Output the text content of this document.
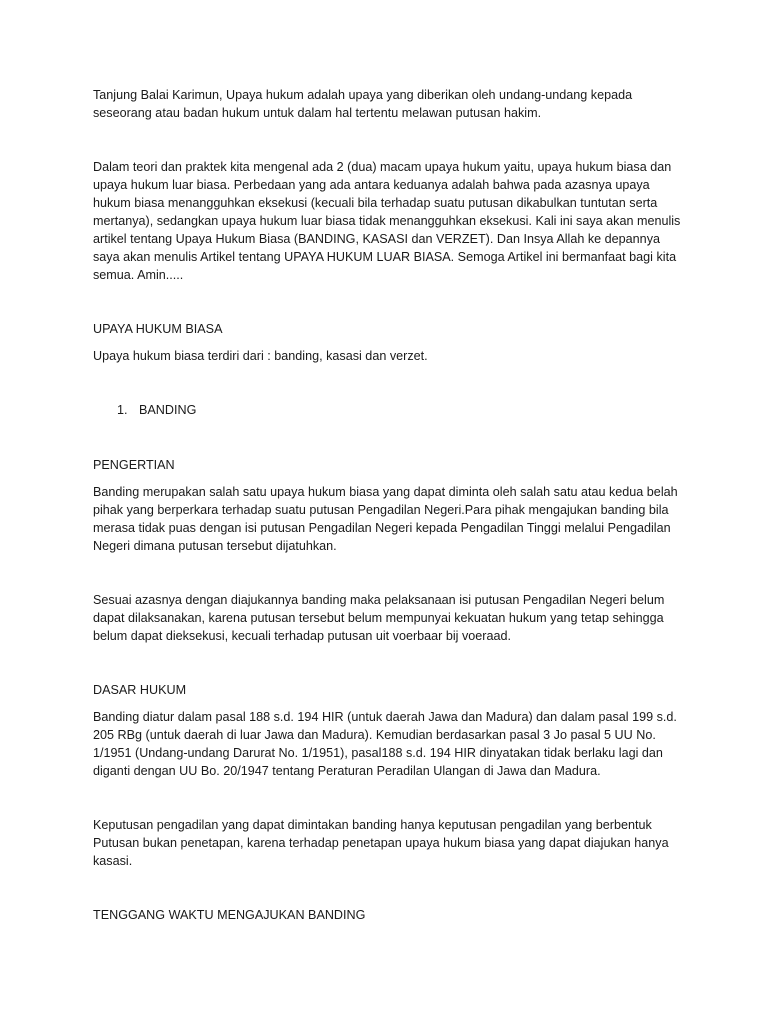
Tanjung Balai Karimun, Upaya hukum adalah upaya yang diberikan oleh undang-undang kepada seseorang atau badan hukum untuk dalam hal tertentu melawan putusan hakim.

Dalam teori dan praktek kita mengenal ada 2 (dua) macam upaya hukum yaitu, upaya hukum biasa dan upaya hukum luar biasa. Perbedaan yang ada antara keduanya adalah bahwa pada azasnya upaya hukum biasa menangguhkan eksekusi (kecuali bila terhadap suatu putusan dikabulkan tuntutan serta mertanya), sedangkan upaya hukum luar biasa tidak menangguhkan eksekusi. Kali ini saya akan menulis artikel tentang Upaya Hukum Biasa (BANDING, KASASI dan VERZET). Dan Insya Allah ke depannya saya akan menulis Artikel tentang UPAYA HUKUM LUAR BIASA. Semoga Artikel ini bermanfaat bagi kita semua. Amin.....

UPAYA HUKUM BIASA

Upaya hukum biasa terdiri dari : banding, kasasi dan verzet.

1. BANDING

PENGERTIAN

Banding merupakan salah satu upaya hukum biasa yang dapat diminta oleh salah satu atau kedua belah pihak yang berperkara terhadap suatu putusan Pengadilan Negeri.Para pihak mengajukan banding bila merasa tidak puas dengan isi putusan Pengadilan Negeri kepada Pengadilan Tinggi melalui Pengadilan Negeri dimana putusan tersebut dijatuhkan.

Sesuai azasnya dengan diajukannya banding maka pelaksanaan isi putusan Pengadilan Negeri belum dapat dilaksanakan, karena putusan tersebut belum mempunyai kekuatan hukum yang tetap sehingga belum dapat dieksekusi, kecuali terhadap putusan uit voerbaar bij voeraad.

DASAR HUKUM

Banding diatur dalam pasal 188 s.d. 194 HIR (untuk daerah Jawa dan Madura) dan dalam pasal 199 s.d. 205 RBg (untuk daerah di luar Jawa dan Madura). Kemudian berdasarkan pasal 3 Jo pasal 5 UU No. 1/1951 (Undang-undang Darurat No. 1/1951), pasal188 s.d. 194 HIR dinyatakan tidak berlaku lagi dan diganti dengan UU Bo. 20/1947 tentang Peraturan Peradilan Ulangan di Jawa dan Madura.

Keputusan pengadilan yang dapat dimintakan banding hanya keputusan pengadilan yang berbentuk Putusan bukan penetapan, karena terhadap penetapan upaya hukum biasa yang dapat diajukan hanya kasasi.

TENGGANG WAKTU MENGAJUKAN BANDING
